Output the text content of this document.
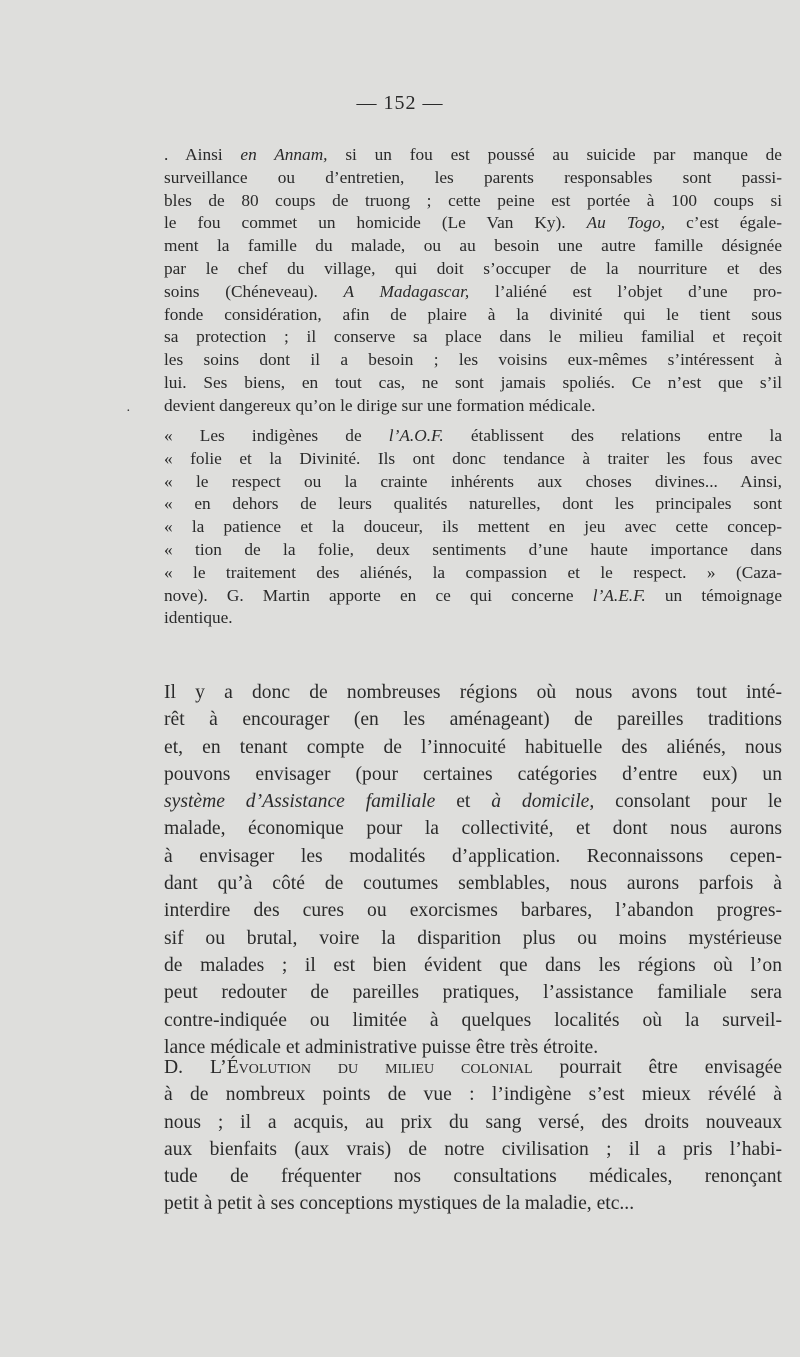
— 152 —

. Ainsi en Annam, si un fou est poussé au suicide par manque de
surveillance ou d’entretien, les parents responsables sont passi-
bles de 80 coups de truong ; cette peine est portée à 100 coups si
le fou commet un homicide (Le Van Ky). Au Togo, c’est égale-
ment la famille du malade, ou au besoin une autre famille désignée
par le chef du village, qui doit s’occuper de la nourriture et des
soins (Chéneveau). A Madagascar, l’aliéné est l’objet d’une pro-
fonde considération, afin de plaire à la divinité qui le tient sous
sa protection ; il conserve sa place dans le milieu familial et reçoit
les soins dont il a besoin ; les voisins eux-mêmes s’intéressent à
lui. Ses biens, en tout cas, ne sont jamais spoliés. Ce n’est que s’il
devient dangereux qu’on le dirige sur une formation médicale.

« Les indigènes de l’A.O.F. établissent des relations entre la
« folie et la Divinité. Ils ont donc tendance à traiter les fous avec
« le respect ou la crainte inhérents aux choses divines... Ainsi,
« en dehors de leurs qualités naturelles, dont les principales sont
« la patience et la douceur, ils mettent en jeu avec cette concep-
« tion de la folie, deux sentiments d’une haute importance dans
« le traitement des aliénés, la compassion et le respect. » (Caza-
nove). G. Martin apporte en ce qui concerne l’A.E.F. un témoignage
identique.

Il y a donc de nombreuses régions où nous avons tout inté-
rêt à encourager (en les aménageant) de pareilles traditions
et, en tenant compte de l’innocuité habituelle des aliénés, nous
pouvons envisager (pour certaines catégories d’entre eux) un
système d’Assistance familiale et à domicile, consolant pour le
malade, économique pour la collectivité, et dont nous aurons
à envisager les modalités d’application. Reconnaissons cepen-
dant qu’à côté de coutumes semblables, nous aurons parfois à
interdire des cures ou exorcismes barbares, l’abandon progres-
sif ou brutal, voire la disparition plus ou moins mystérieuse
de malades ; il est bien évident que dans les régions où l’on
peut redouter de pareilles pratiques, l’assistance familiale sera
contre-indiquée ou limitée à quelques localités où la surveil-
lance médicale et administrative puisse être très étroite.

D. L’Évolution du milieu colonial pourrait être envisagée
à de nombreux points de vue : l’indigène s’est mieux révélé à
nous ; il a acquis, au prix du sang versé, des droits nouveaux
aux bienfaits (aux vrais) de notre civilisation ; il a pris l’habi-
tude de fréquenter nos consultations médicales, renonçant
petit à petit à ses conceptions mystiques de la maladie, etc...

·
